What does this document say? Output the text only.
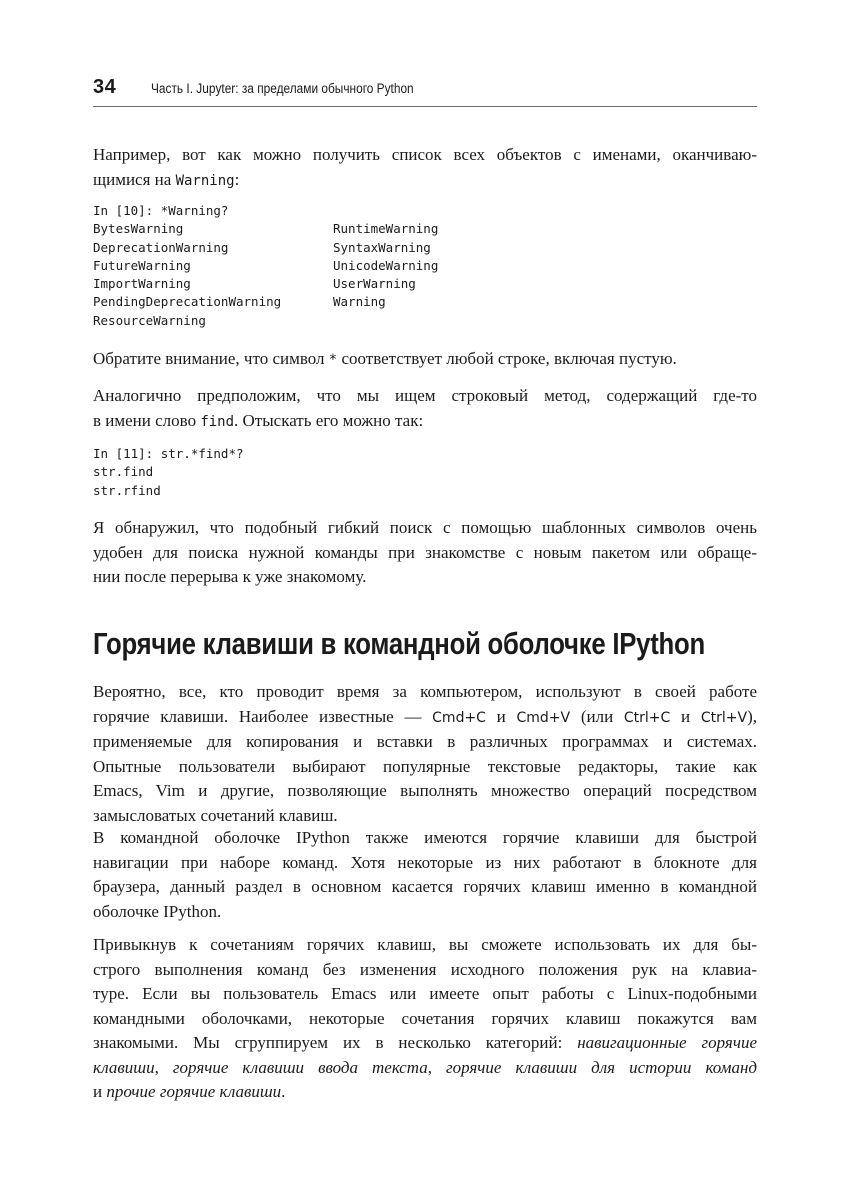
34	Часть I. Jupyter: за пределами обычного Python

Например, вот как можно получить список всех объектов с именами, оканчиваю-
щимися на Warning:

In [10]: *Warning?
BytesWarning	RuntimeWarning
DeprecationWarning	SyntaxWarning
FutureWarning	UnicodeWarning
ImportWarning	UserWarning
PendingDeprecationWarning	Warning
ResourceWarning

Обратите внимание, что символ * соответствует любой строке, включая пустую.

Аналогично предположим, что мы ищем строковый метод, содержащий где-то
в имени слово find. Отыскать его можно так:

In [11]: str.*find*?
str.find
str.rfind

Я обнаружил, что подобный гибкий поиск с помощью шаблонных символов очень
удобен для поиска нужной команды при знакомстве с новым пакетом или обраще-
нии после перерыва к уже знакомому.

Горячие клавиши в командной оболочке IPython

Вероятно, все, кто проводит время за компьютером, используют в своей работе
горячие клавиши. Наиболее известные — Cmd+C и Cmd+V (или Ctrl+C и Ctrl+V),
применяемые для копирования и вставки в различных программах и системах.
Опытные пользователи выбирают популярные текстовые редакторы, такие как
Emacs, Vim и другие, позволяющие выполнять множество операций посредством
замысловатых сочетаний клавиш.

В командной оболочке IPython также имеются горячие клавиши для быстрой
навигации при наборе команд. Хотя некоторые из них работают в блокноте для
браузера, данный раздел в основном касается горячих клавиш именно в командной
оболочке IPython.

Привыкнув к сочетаниям горячих клавиш, вы сможете использовать их для бы-
строго выполнения команд без изменения исходного положения рук на клавиа-
туре. Если вы пользователь Emacs или имеете опыт работы с Linux-подобными
командными оболочками, некоторые сочетания горячих клавиш покажутся вам
знакомыми. Мы сгруппируем их в несколько категорий: навигационные горячие
клавиши, горячие клавиши ввода текста, горячие клавиши для истории команд
и прочие горячие клавиши.
